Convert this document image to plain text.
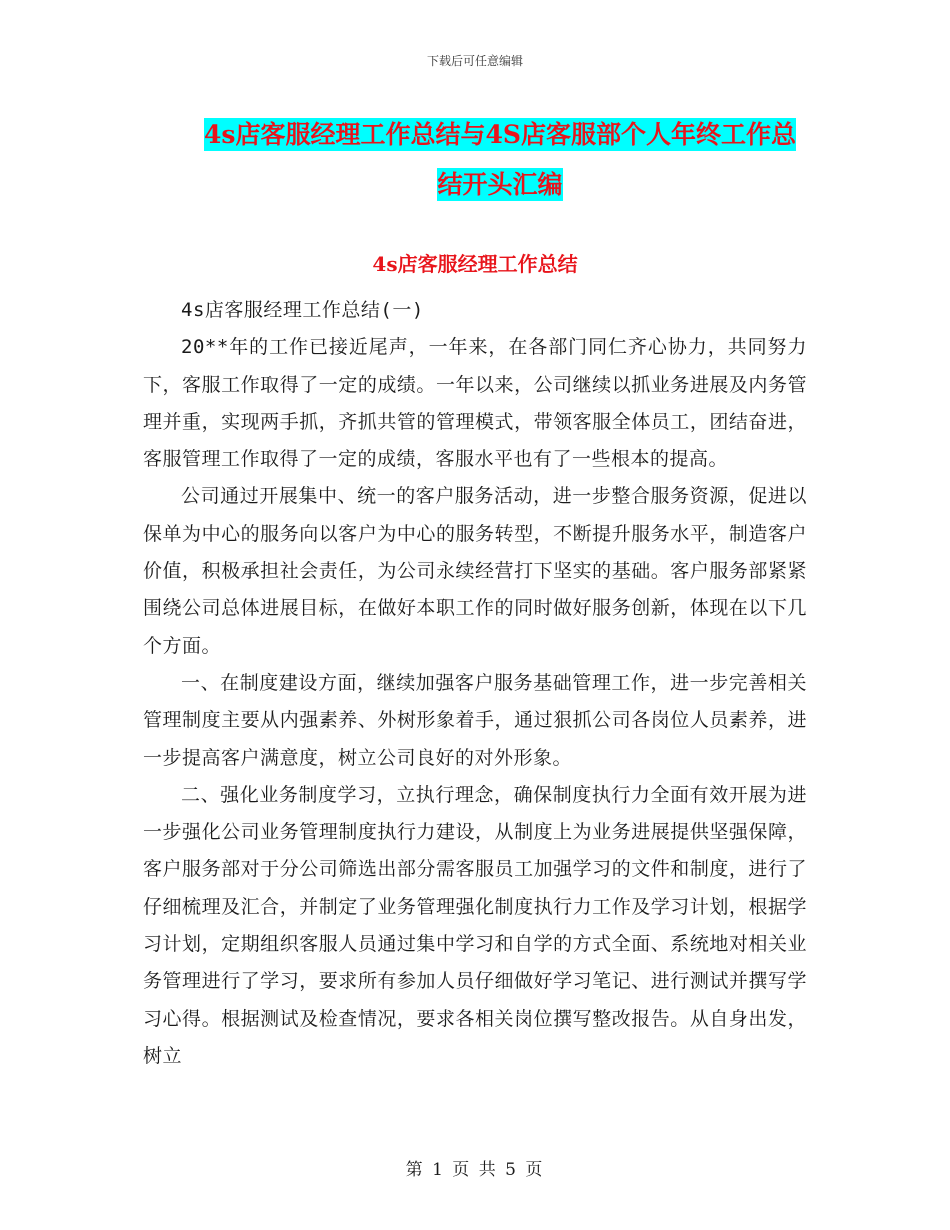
下载后可任意编辑
4s店客服经理工作总结与4S店客服部个人年终工作总
结开头汇编
4s店客服经理工作总结

4s店客服经理工作总结(一)

20**年的工作已接近尾声，一年来，在各部门同仁齐心协力，共同努力下，客服工作取得了一定的成绩。一年以来，公司继续以抓业务进展及内务管理并重，实现两手抓，齐抓共管的管理模式，带领客服全体员工，团结奋进，客服管理工作取得了一定的成绩，客服水平也有了一些根本的提高。

公司通过开展集中、统一的客户服务活动，进一步整合服务资源，促进以保单为中心的服务向以客户为中心的服务转型，不断提升服务水平，制造客户价值，积极承担社会责任，为公司永续经营打下坚实的基础。客户服务部紧紧围绕公司总体进展目标，在做好本职工作的同时做好服务创新，体现在以下几个方面。

一、在制度建设方面，继续加强客户服务基础管理工作，进一步完善相关管理制度主要从内强素养、外树形象着手，通过狠抓公司各岗位人员素养，进一步提高客户满意度，树立公司良好的对外形象。

二、强化业务制度学习，立执行理念，确保制度执行力全面有效开展为进一步强化公司业务管理制度执行力建设，从制度上为业务进展提供坚强保障，客户服务部对于分公司筛选出部分需客服员工加强学习的文件和制度，进行了仔细梳理及汇合，并制定了业务管理强化制度执行力工作及学习计划，根据学习计划，定期组织客服人员通过集中学习和自学的方式全面、系统地对相关业务管理进行了学习，要求所有参加人员仔细做好学习笔记、进行测试并撰写学习心得。根据测试及检查情况，要求各相关岗位撰写整改报告。从自身出发，树立

第 1 页 共 5 页
